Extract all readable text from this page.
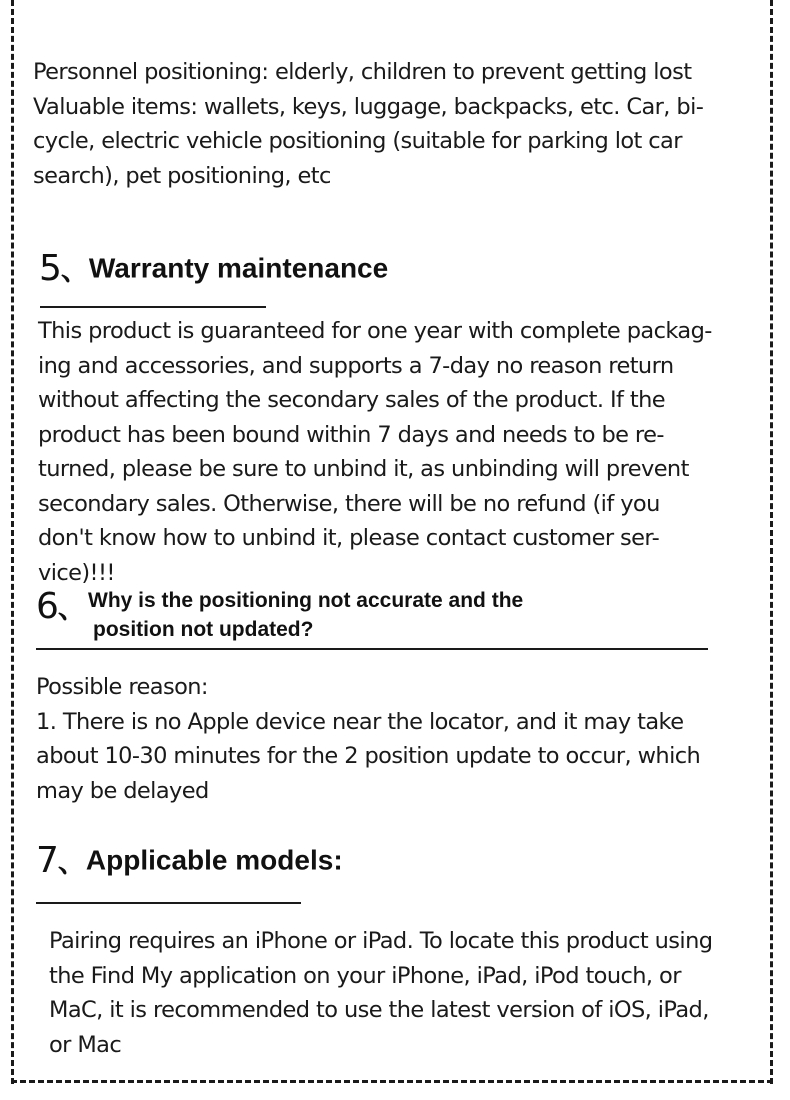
Personnel positioning: elderly, children to prevent getting lost
Valuable items: wallets, keys, luggage, backpacks, etc. Car, bi-
cycle, electric vehicle positioning (suitable for parking lot car
search), pet positioning, etc
5、Warranty maintenance
This product is guaranteed for one year with complete packag-
ing and accessories, and supports a 7-day no reason return
without affecting the secondary sales of the product. If the
product has been bound within 7 days and needs to be re-
turned, please be sure to unbind it, as unbinding will prevent
secondary sales. Otherwise, there will be no refund (if you
don't know how to unbind it, please contact customer ser-
vice)!!!
6、 Why is the positioning not accurate and the
position not updated?
Possible reason:
1. There is no Apple device near the locator, and it may take
about 10-30 minutes for the 2 position update to occur, which
may be delayed
7、Applicable models:
Pairing requires an iPhone or iPad. To locate this product using
the Find My application on your iPhone, iPad, iPod touch, or
MaC, it is recommended to use the latest version of iOS, iPad,
or Mac
